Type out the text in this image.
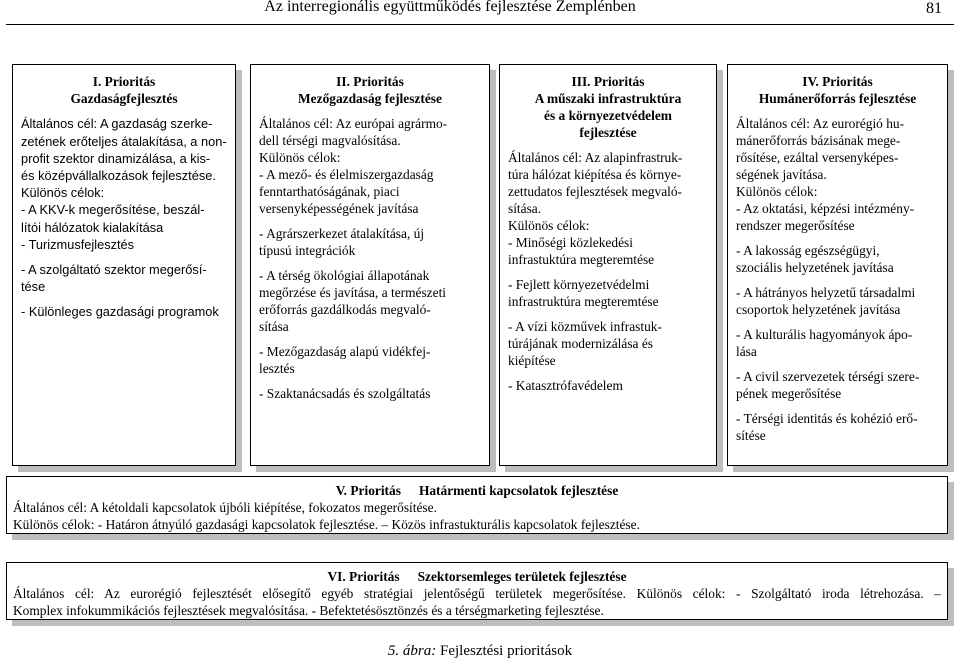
Az interregionális együttműködés fejlesztése Zemplénben	81
I. Prioritás
Gazdaságfejlesztés

Általános cél: A gazdaság szerke-

zetének erőteljes átalakítása, a non-

profit szektor dinamizálása, a kis-

és középvállalkozások fejlesztése.

Különös célok:

- A KKV-k megerősítése, beszál-

lítói hálózatok kialakítása

- Turizmusfejlesztés

- A szolgáltató szektor megerősí-

tése

- Különleges gazdasági programok

II. Prioritás
Mezőgazdaság fejlesztése

Általános cél: Az európai agrármo-

dell térségi magvalósítása.

Különös célok:

- A mező- és élelmiszergazdaság

fenntarthatóságának, piaci

versenyképességének javítása

- Agrárszerkezet átalakítása, új

típusú integrációk

- A térség ökológiai állapotának

megőrzése és javítása, a természeti

erőforrás gazdálkodás megvaló-

sítása

- Mezőgazdaság alapú vidékfej-

lesztés

- Szaktanácsadás és szolgáltatás

III. Prioritás
A műszaki infrastruktúra
és a környezetvédelem
fejlesztése

Általános cél: Az alapinfrastruk-

túra hálózat kiépítésa és környe-

zettudatos fejlesztések megvaló-

sítása.

Különös célok:

- Minőségi közlekedési

infrastuktúra megteremtése

- Fejlett környezetvédelmi

infrastruktúra megteremtése

- A vízi közművek infrastuk-

túrájának modernizálása és

kiépítése

- Katasztrófavédelem

IV. Prioritás
Humánerőforrás fejlesztése

Általános cél: Az eurorégió hu-

mánerőforrás bázisának mege-

rősítése, ezáltal versenyképes-

ségének javítása.

Különös célok:

- Az oktatási, képzési intézmény-

rendszer megerősítése

- A lakosság egészségügyi,

szociális helyzetének javítása

- A hátrányos helyzetű társadalmi

csoportok helyzetének javítása

- A kulturális hagyományok ápo-

lása

- A civil szervezetek térségi szere-

pének megerősítése

- Térségi identitás és kohézió erő-

sítése

V. Prioritás Határmenti kapcsolatok fejlesztése

Általános cél: A kétoldali kapcsolatok újbóli kiépítése, fokozatos megerősítése.

Különös célok: - Határon átnyúló gazdasági kapcsolatok fejlesztése. – Közös infrastukturális kapcsolatok fejlesztése.

VI. Prioritás Szektorsemleges területek fejlesztése

Általános cél: Az eurorégió fejlesztését elősegítő egyéb stratégiai jelentőségű területek megerősítése. Különös célok: - Szolgáltató iroda létrehozása. –

Komplex infokummikációs fejlesztések megvalósítása. - Befektetésösztönzés és a térségmarketing fejlesztése.

5. ábra: Fejlesztési prioritások
